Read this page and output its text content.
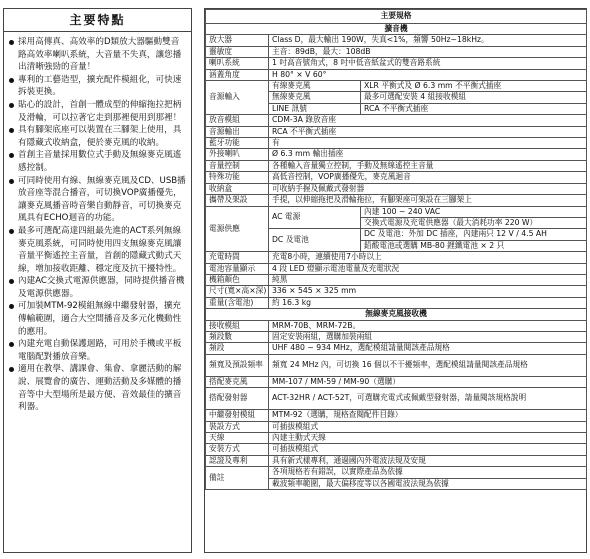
主要特點
採用高傳真、高效率的D類放大器驅動雙音路高效率喇叭系統，大音量不失真，讓您播出清晰強勁的音量！
專利的工藝造型，擴充配件模組化，可快速拆裝更換。
貼心的設計，首創一體成型的伸縮拖拉把柄及滑輪，可以拉著它走到那裡便用到那裡！
具有腳架底座可以裝置在三腳架上使用，具有隱藏式收納盒，便於麥克風的收納。
首創主音量採用數位式手動及無線麥克風遙感控制。
可同時使用有線、無線麥克風及CD、USB播放音座等混合播音，可切換VOP廣播優先，讓麥克風播音時音樂自動靜音，可切換麥克風具有ECHO迴音的功能。
最多可選配高達四組最先進的ACT系列無線麥克風系統，可同時使用四支無線麥克風讓音量平衡遙控主音量，首創的隱藏式動式天線，增加接收距離、穩定度及抗干擾特性。
內建AC交換式電源供應器，同時提供播音機及電源供應器。
可加裝MTM-92模組無線中繼發射器，擴充傳輸範圍，適合大空間播音及多元化機動性的應用。
內建充電自動保護迴路，可用於手機或平板電腦配對播放音樂。
適用在教學、講課會、集會、拿麗活動的解說、展覽會的廣告、運動活動及多媒體的播音等中大型場所是最方便、音效最佳的擴音利器。
主要規格		
擴音機		
放大器	Class D，最大輸出 190W，失真<1%，頻響 50Hz~18kHz。	
靈敏度	主音：89dB，最大：108dB	
喇叭系統	1 吋高音號角式，8 吋中低音紙盆式的雙音路系統	
涵蓋角度	H 80° × V 60°	
音源輸入	有線麥克風	XLR 平衡式及 Ø 6.3 mm 不平衡式插座
	無線麥克風	最多可選配安裝 4 組接收模組
	LINE 訊號	RCA 不平衡式插座
放音模組	CDM-3A 錄放音座	
音源輸出	RCA 不平衡式插座	
藍牙功能	有	
外接喇叭	Ø 6.3 mm 輸出插座	
音量控制	各種輸入音量獨立控制，手動及無線遙控主音量	
特殊功能	高低音控制，VOP廣播優先，麥克風迴音	
收納盒	可收納手握及佩戴式發射器	
攜帶及架設	手提，以伸縮拖把及滑輪拖拉，有腳架座可架設在三腳架上	
電源供應	AC 電源	內建 100 ~ 240 VAC
		交換式電源及充電供應器（最大消耗功率 220 W）
	DC 及電池	DC 及電池：外加 DC 插座，內建兩只 12 V / 4.5 AH
		鉛酸電池或選購 MB-80 鋰鐵電池 × 2 只
充電時間	充電8小時，連續使用7小時以上	
電池容量顯示	4 段 LED 燈顯示電池電量及充電狀況	
機箱顏色	純黑	
尺寸(寬×高×深)	336 × 545 × 325 mm	
重量(含電池)	約 16.3 kg	
無線麥克風接收機		
接收模組	MRM-70B、MRM-72B。	
頻段數	固定安裝兩組，選購加裝兩組	
頻段	UHF 480 ~ 934 MHz，選配模組請量閱該產品規格	
頻寬及預設頻率	頻寬 24 MHz 內，可切換 16 個以不干擾頻率，選配模組請量閱該產品規格	
搭配麥克風	MM-107 / MM-59 / MM-90（選購）	
搭配發射器	ACT-32HR / ACT-52T，可選購充電式或佩戴型發射器，請量閱該規格說明	
中繼發射模組	MTM-92（選購，規格查閱配件目錄）	
裝設方式	可插拔模組式	
天線	內建主動式天線	
安裝方式	可插拔模組式	
認證及專利	具有新式樣專利，通過國內外電波法規及安規	
備註	各項規格若有錯誤，以實際產品為依據	
	載波頻率範圍，最大偏移度等以各國電波法規為依據	
